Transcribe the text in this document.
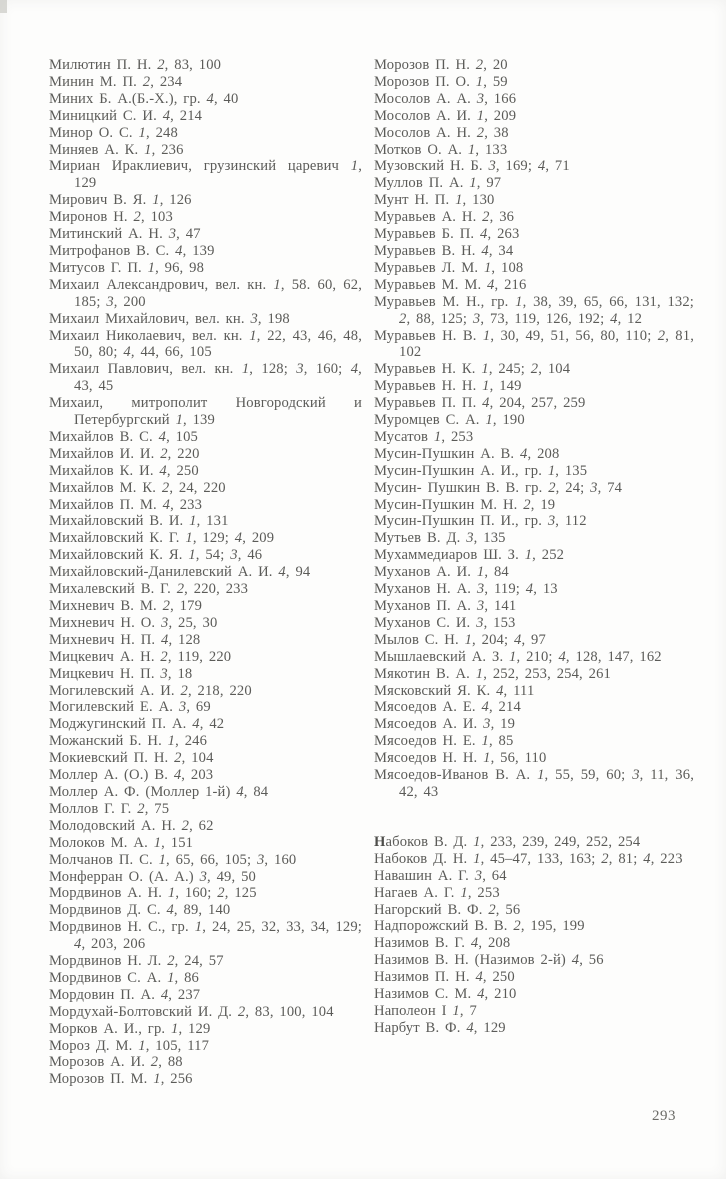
Милютин П. Н. 2, 83, 100

Минин М. П. 2, 234

Миних Б. А.(Б.-Х.), гр. 4, 40

Миницкий С. И. 4, 214

Минор О. С. 1, 248

Миняев А. К. 1, 236

Мириан Ираклиевич, грузинский царевич 1, 129

Мирович В. Я. 1, 126

Миронов Н. 2, 103

Митинский А. Н. 3, 47

Митрофанов В. С. 4, 139

Митусов Г. П. 1, 96, 98

Михаил Александрович, вел. кн. 1, 58. 60, 62, 185; 3, 200

Михаил Михайлович, вел. кн. 3, 198

Михаил Николаевич, вел. кн. 1, 22, 43, 46, 48, 50, 80; 4, 44, 66, 105

Михаил Павлович, вел. кн. 1, 128; 3, 160; 4, 43, 45

Михаил, митрополит Новгородский и Петербургский 1, 139

Михайлов В. С. 4, 105

Михайлов И. И. 2, 220

Михайлов К. И. 4, 250

Михайлов М. К. 2, 24, 220

Михайлов П. М. 4, 233

Михайловский В. И. 1, 131

Михайловский К. Г. 1, 129; 4, 209

Михайловский К. Я. 1, 54; 3, 46

Михайловский-Данилевский А. И. 4, 94

Михалевский В. Г. 2, 220, 233

Михневич В. М. 2, 179

Михневич Н. О. 3, 25, 30

Михневич Н. П. 4, 128

Мицкевич А. Н. 2, 119, 220

Мицкевич Н. П. 3, 18

Могилевский А. И. 2, 218, 220

Могилевский Е. А. 3, 69

Моджугинский П. А. 4, 42

Можанский Б. Н. 1, 246

Мокиевский П. Н. 2, 104

Моллер А. (О.) В. 4, 203

Моллер А. Ф. (Моллер 1-й) 4, 84

Моллов Г. Г. 2, 75

Молодовский А. Н. 2, 62

Молоков М. А. 1, 151

Молчанов П. С. 1, 65, 66, 105; 3, 160

Монферран О. (А. А.) 3, 49, 50

Мордвинов А. Н. 1, 160; 2, 125

Мордвинов Д. С. 4, 89, 140

Мордвинов Н. С., гр. 1, 24, 25, 32, 33, 34, 129; 4, 203, 206

Мордвинов Н. Л. 2, 24, 57

Мордвинов С. А. 1, 86

Мордовин П. А. 4, 237

Мордухай-Болтовский И. Д. 2, 83, 100, 104

Морков А. И., гр. 1, 129

Мороз Д. М. 1, 105, 117

Морозов А. И. 2, 88

Морозов П. М. 1, 256

Морозов П. Н. 2, 20

Морозов П. О. 1, 59

Мосолов А. А. 3, 166

Мосолов А. И. 1, 209

Мосолов А. Н. 2, 38

Мотков О. А. 1, 133

Музовский Н. Б. 3, 169; 4, 71

Муллов П. А. 1, 97

Мунт Н. П. 1, 130

Муравьев А. Н. 2, 36

Муравьев Б. П. 4, 263

Муравьев В. Н. 4, 34

Муравьев Л. М. 1, 108

Муравьев М. М. 4, 216

Муравьев М. Н., гр. 1, 38, 39, 65, 66, 131, 132; 2, 88, 125; 3, 73, 119, 126, 192; 4, 12

Муравьев Н. В. 1, 30, 49, 51, 56, 80, 110; 2, 81, 102

Муравьев Н. К. 1, 245; 2, 104

Муравьев Н. Н. 1, 149

Муравьев П. П. 4, 204, 257, 259

Муромцев С. А. 1, 190

Мусатов 1, 253

Мусин-Пушкин А. В. 4, 208

Мусин-Пушкин А. И., гр. 1, 135

Мусин- Пушкин В. В. гр. 2, 24; 3, 74

Мусин-Пушкин М. Н. 2, 19

Мусин-Пушкин П. И., гр. 3, 112

Мутьев В. Д. 3, 135

Мухаммедиаров Ш. З. 1, 252

Муханов А. И. 1, 84

Муханов Н. А. 3, 119; 4, 13

Муханов П. А. 3, 141

Муханов С. И. 3, 153

Мылов С. Н. 1, 204; 4, 97

Мышлаевский А. З. 1, 210; 4, 128, 147, 162

Мякотин В. А. 1, 252, 253, 254, 261

Мясковский Я. К. 4, 111

Мясоедов А. Е. 4, 214

Мясоедов А. И. 3, 19

Мясоедов Н. Е. 1, 85

Мясоедов Н. Н. 1, 56, 110

Мясоедов-Иванов В. А. 1, 55, 59, 60; 3, 11, 36, 42, 43

Набоков В. Д. 1, 233, 239, 249, 252, 254

Набоков Д. Н. 1, 45–47, 133, 163; 2, 81; 4, 223

Навашин А. Г. 3, 64

Нагаев А. Г. 1, 253

Нагорский В. Ф. 2, 56

Надпорожский В. В. 2, 195, 199

Назимов В. Г. 4, 208

Назимов В. Н. (Назимов 2-й) 4, 56

Назимов П. Н. 4, 250

Назимов С. М. 4, 210

Наполеон I 1, 7

Нарбут В. Ф. 4, 129

293
